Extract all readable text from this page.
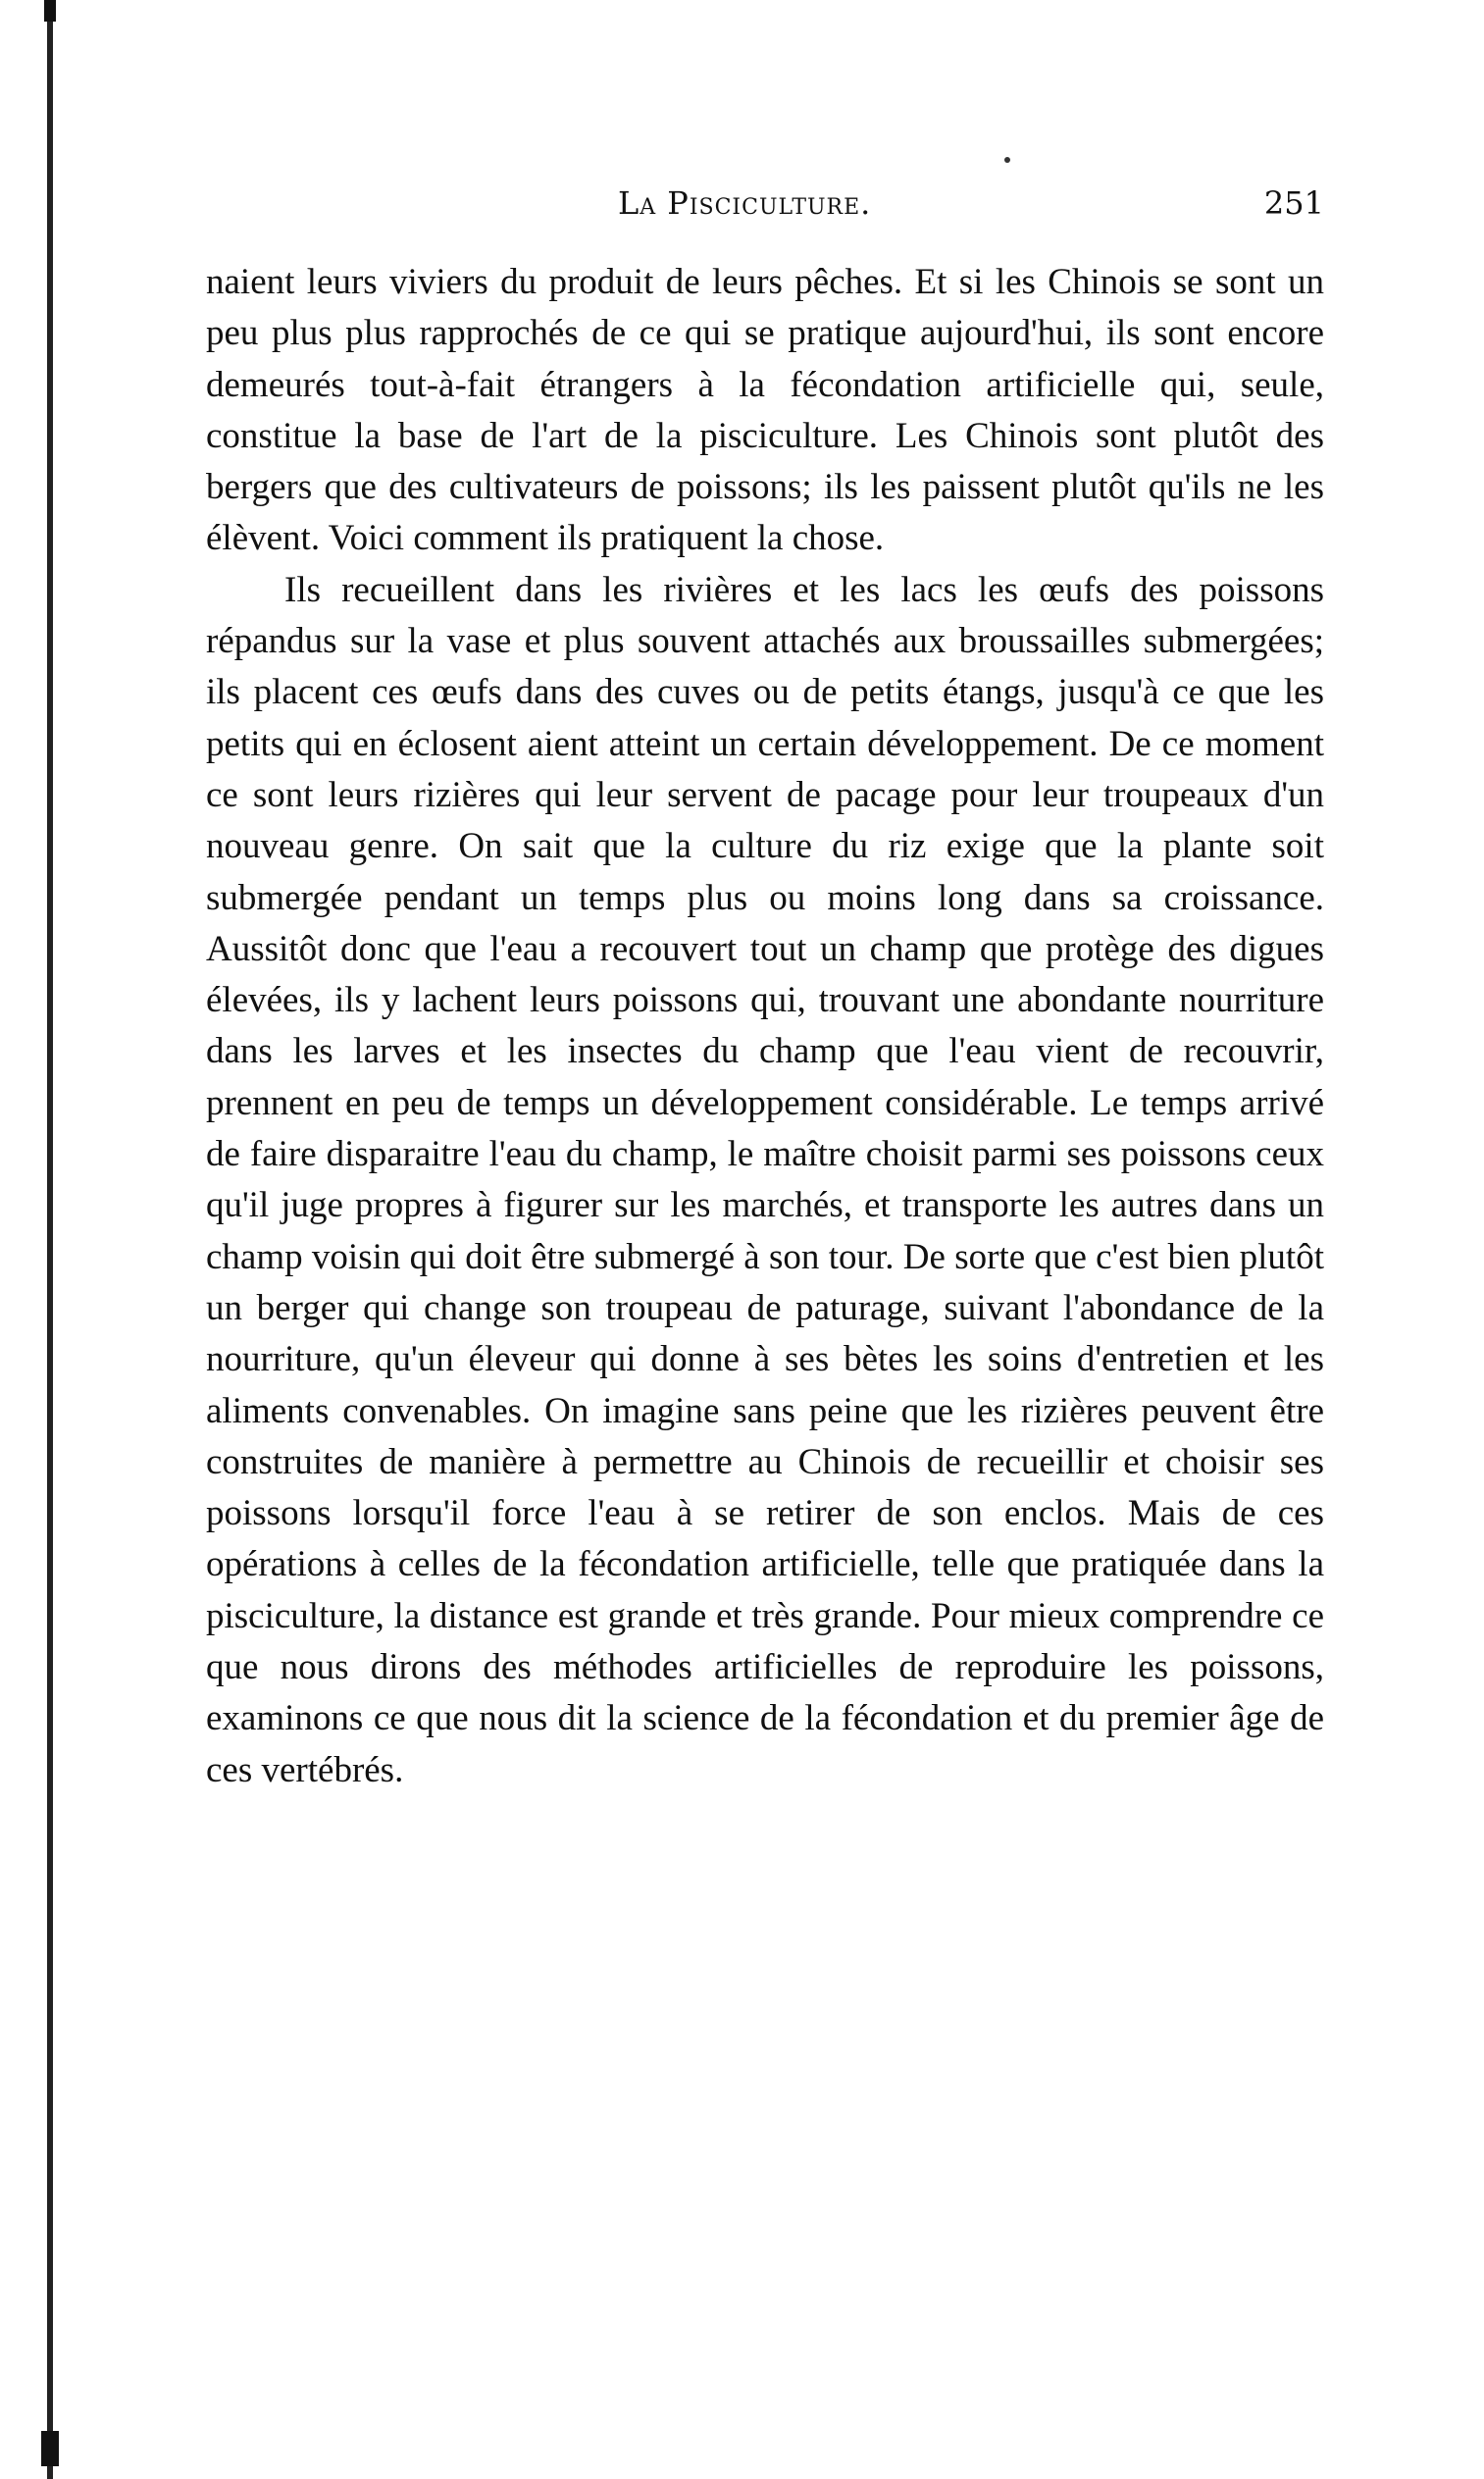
La Pisciculture.	251

naient leurs viviers du produit de leurs pêches. Et si les Chinois se sont un peu plus plus rapprochés de ce qui se pratique aujourd'hui, ils sont encore demeurés tout-à-fait étrangers à la fécondation artificielle qui, seule, constitue la base de l'art de la pisciculture. Les Chinois sont plutôt des bergers que des cultivateurs de poissons; ils les paissent plutôt qu'ils ne les élèvent. Voici comment ils pratiquent la chose.

Ils recueillent dans les rivières et les lacs les œufs des poissons répandus sur la vase et plus souvent attachés aux broussailles submergées; ils placent ces œufs dans des cuves ou de petits étangs, jusqu'à ce que les petits qui en éclosent aient atteint un certain développement. De ce moment ce sont leurs rizières qui leur servent de pacage pour leur troupeaux d'un nouveau genre. On sait que la culture du riz exige que la plante soit submergée pendant un temps plus ou moins long dans sa croissance. Aussitôt donc que l'eau a recouvert tout un champ que protège des digues élevées, ils y lachent leurs poissons qui, trouvant une abondante nourriture dans les larves et les insectes du champ que l'eau vient de recouvrir, prennent en peu de temps un développement considérable. Le temps arrivé de faire disparaitre l'eau du champ, le maître choisit parmi ses poissons ceux qu'il juge propres à figurer sur les marchés, et transporte les autres dans un champ voisin qui doit être submergé à son tour. De sorte que c'est bien plutôt un berger qui change son troupeau de paturage, suivant l'abondance de la nourriture, qu'un éleveur qui donne à ses bètes les soins d'entretien et les aliments convenables. On imagine sans peine que les rizières peuvent être construites de manière à permettre au Chinois de recueillir et choisir ses poissons lorsqu'il force l'eau à se retirer de son enclos. Mais de ces opérations à celles de la fécondation artificielle, telle que pratiquée dans la pisciculture, la distance est grande et très grande. Pour mieux comprendre ce que nous dirons des méthodes artificielles de reproduire les poissons, examinons ce que nous dit la science de la fécondation et du premier âge de ces vertébrés.
